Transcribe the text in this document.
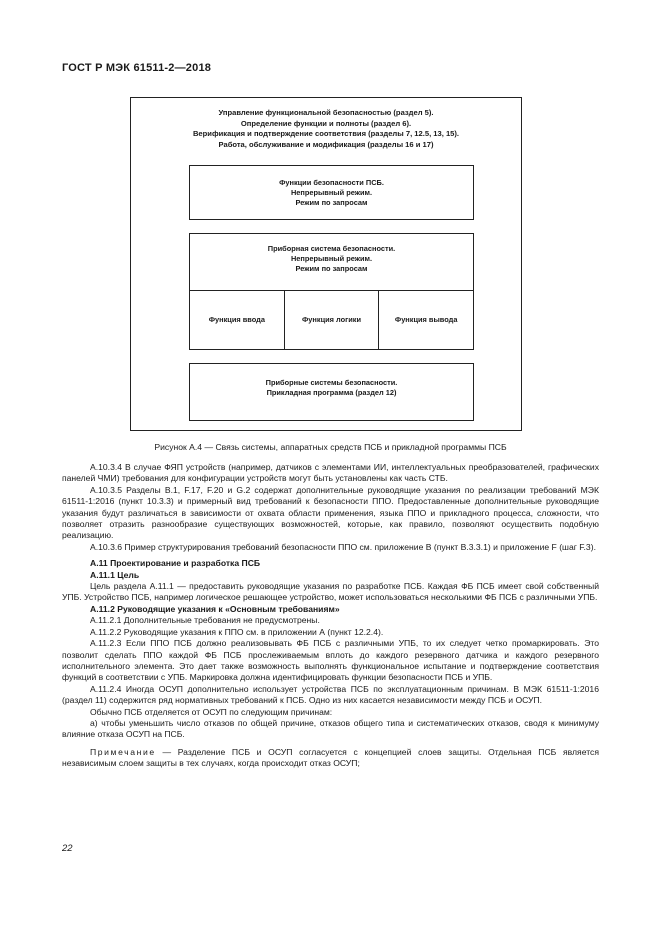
ГОСТ Р МЭК 61511-2—2018
Управление функциональной безопасностью (раздел 5).
Определение функции и полноты (раздел 6).
Верификация и подтверждение соответствия (разделы 7, 12.5, 13, 15).
Работа, обслуживание и модификация (разделы 16 и 17)
Функции безопасности ПСБ.
Непрерывный режим.
Режим по запросам
Приборная система безопасности.
Непрерывный режим.
Режим по запросам
Функция ввода	Функция логики	Функция вывода
Приборные системы безопасности.
Прикладная программа (раздел 12)
Рисунок А.4 — Связь системы, аппаратных средств ПСБ и прикладной программы ПСБ

А.10.3.4 В случае ФЯП устройств (например, датчиков с элементами ИИ, интеллектуальных преобразователей, графических панелей ЧМИ) требования для конфигурации устройств могут быть установлены как часть СТБ.

А.10.3.5 Разделы В.1, F.17, F.20 и G.2 содержат дополнительные руководящие указания по реализации требований МЭК 61511-1:2016 (пункт 10.3.3) и примерный вид требований к безопасности ППО. Предоставленные дополнительные руководящие указания будут различаться в зависимости от охвата области применения, языка ППО и прикладного процесса, сложности, что позволяет отразить разнообразие существующих возможностей, которые, как правило, позволяют осуществить подобную реализацию.

А.10.3.6 Пример структурирования требований безопасности ППО см. приложение В (пункт В.3.3.1) и приложение F (шаг F.3).

А.11 Проектирование и разработка ПСБ

А.11.1 Цель

Цель раздела А.11.1 — предоставить руководящие указания по разработке ПСБ. Каждая ФБ ПСБ имеет свой собственный УПБ. Устройство ПСБ, например логическое решающее устройство, может использоваться несколькими ФБ ПСБ с различными УПБ.

А.11.2 Руководящие указания к «Основным требованиям»

А.11.2.1 Дополнительные требования не предусмотрены.

А.11.2.2 Руководящие указания к ППО см. в приложении А (пункт 12.2.4).

А.11.2.3 Если ППО ПСБ должно реализовывать ФБ ПСБ с различными УПБ, то их следует четко промаркировать. Это позволит сделать ППО каждой ФБ ПСБ прослеживаемым вплоть до каждого резервного датчика и каждого резервного исполнительного элемента. Это дает также возможность выполнять функциональное испытание и подтверждение соответствия функций в соответствии с УПБ. Маркировка должна идентифицировать функции безопасности ПСБ и УПБ.

А.11.2.4 Иногда ОСУП дополнительно использует устройства ПСБ по эксплуатационным причинам. В МЭК 61511-1:2016 (раздел 11) содержится ряд нормативных требований к ПСБ. Одно из них касается независимости между ПСБ и ОСУП.

Обычно ПСБ отделяется от ОСУП по следующим причинам:

а) чтобы уменьшить число отказов по общей причине, отказов общего типа и систематических отказов, сводя к минимуму влияние отказа ОСУП на ПСБ.

Примечание — Разделение ПСБ и ОСУП согласуется с концепцией слоев защиты. Отдельная ПСБ является независимым слоем защиты в тех случаях, когда происходит отказ ОСУП;

22
